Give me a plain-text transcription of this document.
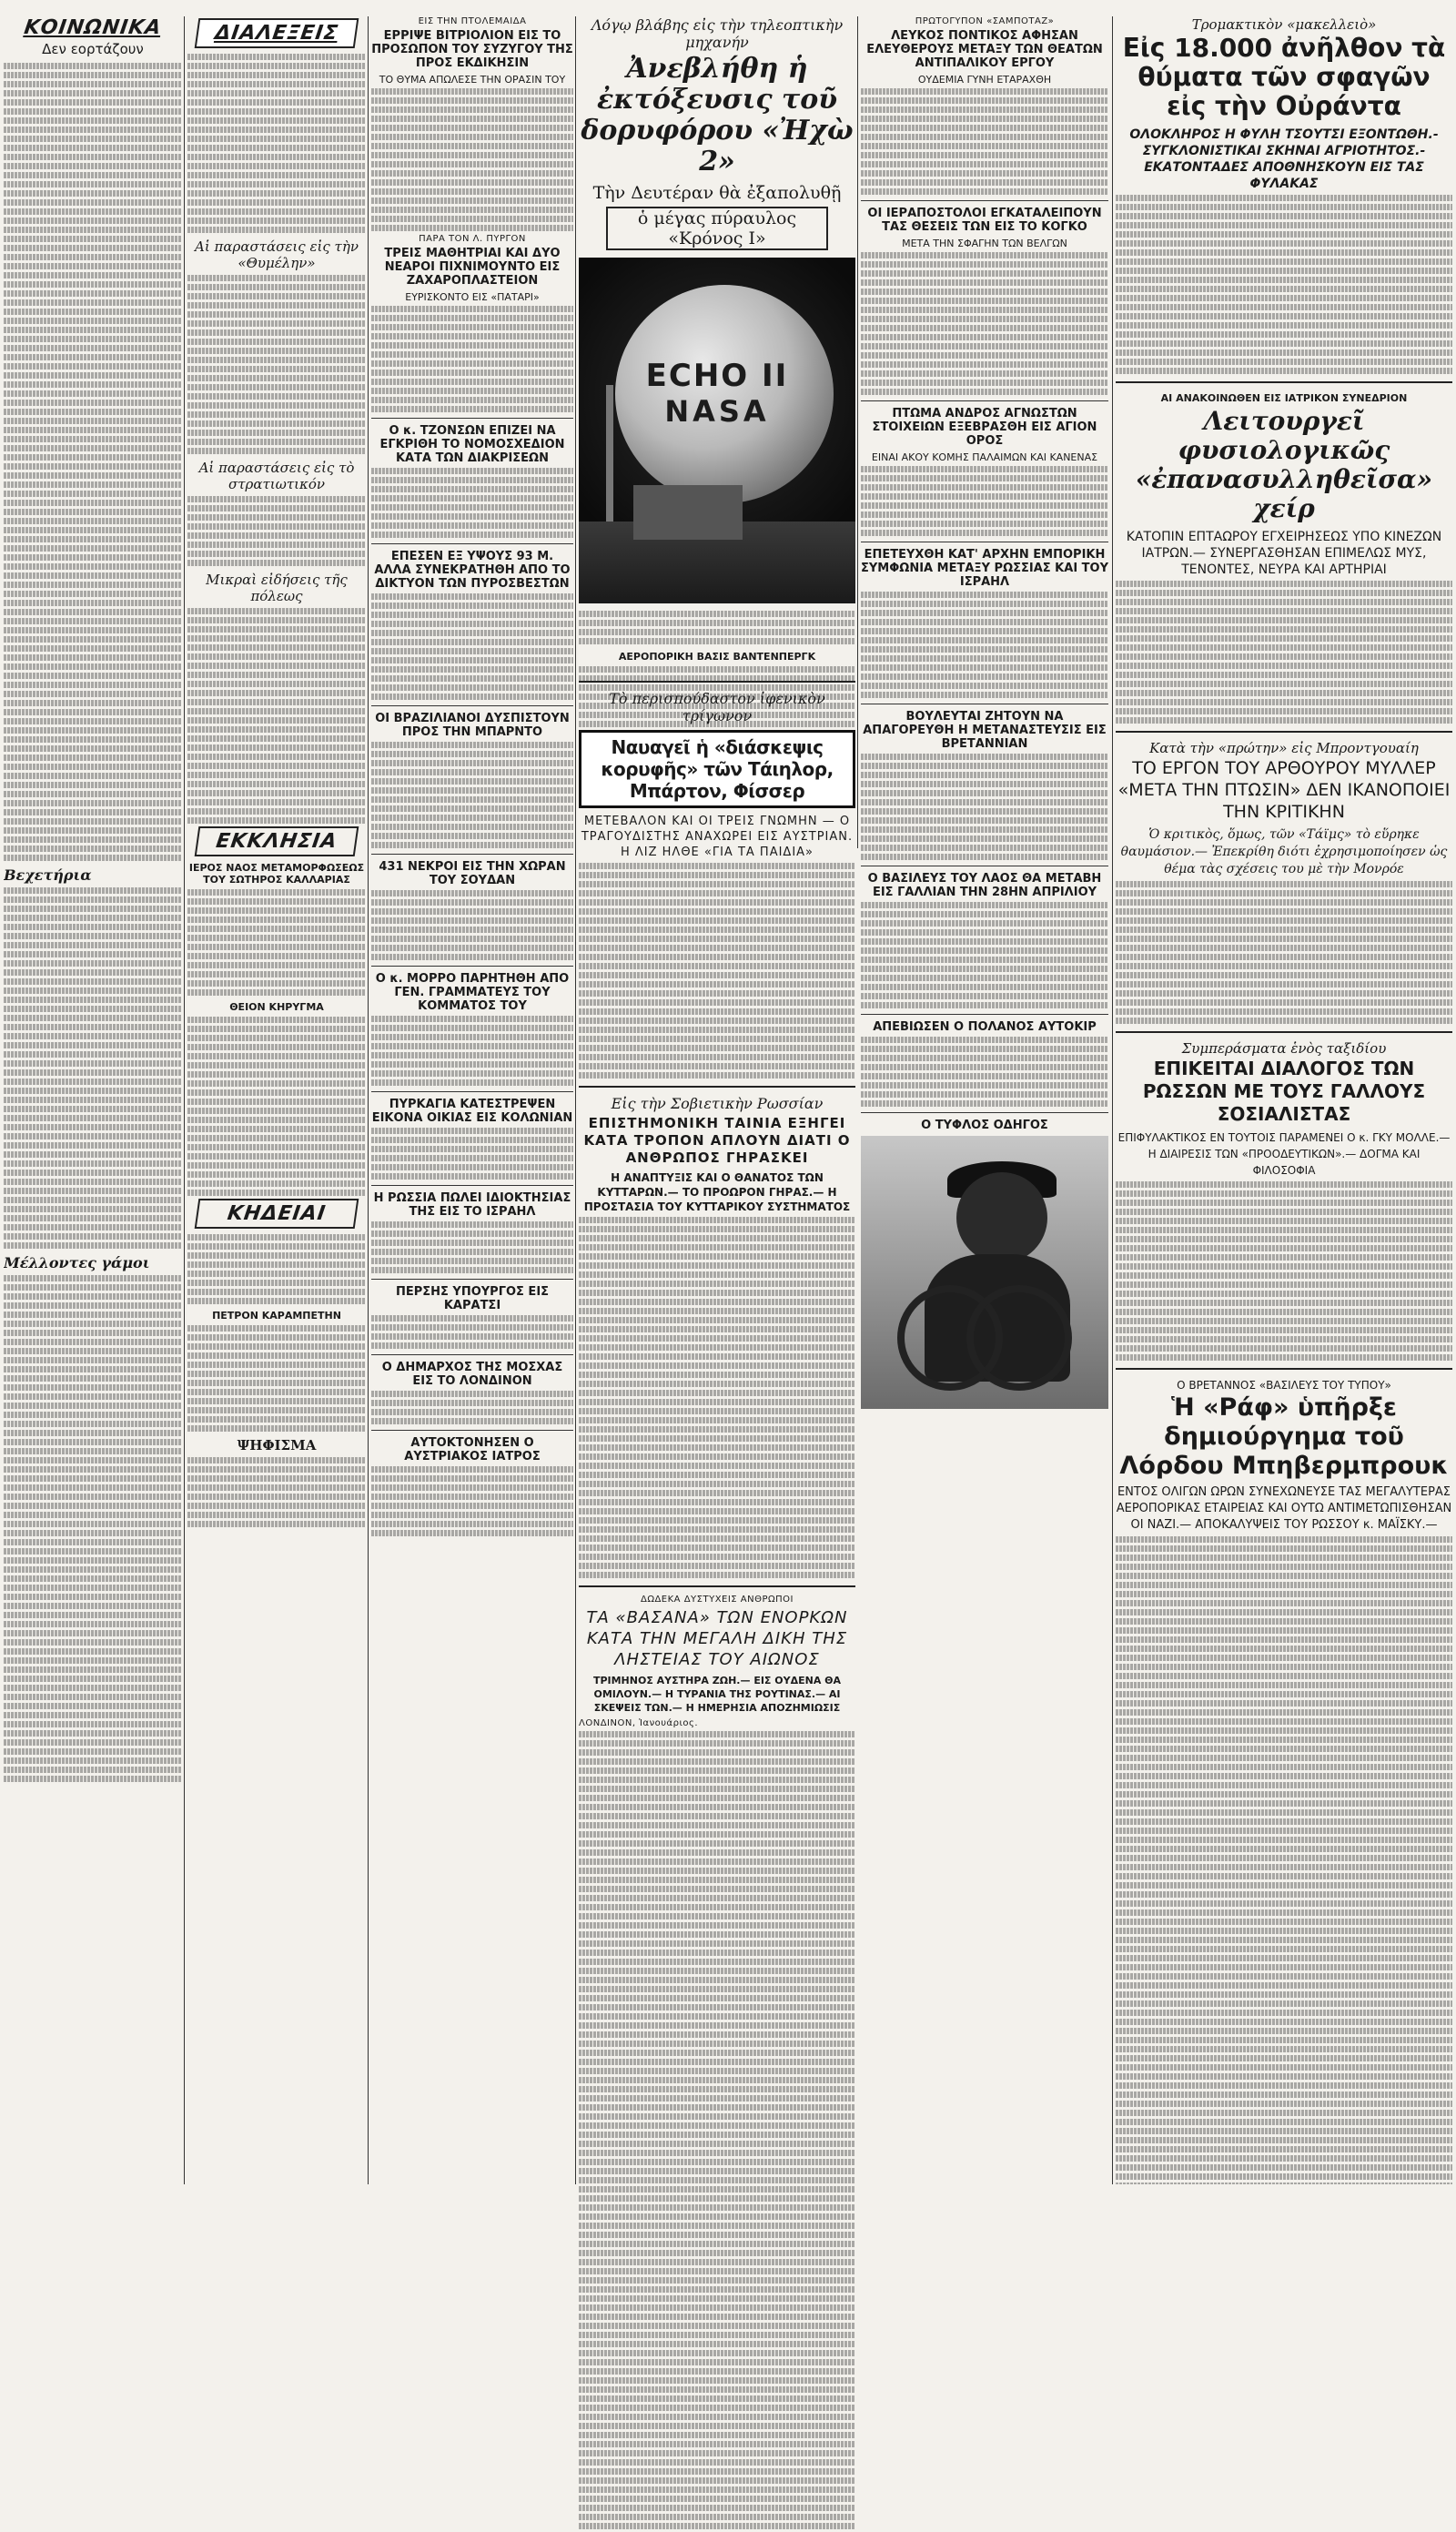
ΚΟΙΝΩΝΙΚΑ
Δεν εορτάζουν
Βεχετήρια
Μέλλοντες γάμοι
ΔΙΑΛΕΞΕΙΣ
Αἱ παραστάσεις εἰς τὴν «Θυμέλην»
Αἱ παραστάσεις εἰς τὸ στρατιωτικόν
Μικραὶ εἰδήσεις τῆς πόλεως
ΕΚΚΛΗΣΙΑ
ΙΕΡΟΣ ΝΑΟΣ ΜΕΤΑΜΟΡΦΩΣΕΩΣ ΤΟΥ ΣΩΤΗΡΟΣ ΚΑΛΛΑΡΙΑΣ
ΘΕΙΟΝ ΚΗΡΥΓΜΑ
ΚΗΔΕΙΑΙ
ΠΕΤΡΟΝ ΚΑΡΑΜΠΕΤΗΝ
ΨΗΦΙΣΜΑ
ΕΙΣ ΤΗΝ ΠΤΟΛΕΜΑΪΔΑ
ΕΡΡΙΨΕ ΒΙΤΡΙΟΛΙΟΝ ΕΙΣ ΤΟ ΠΡΟΣΩΠΟΝ ΤΟΥ ΣΥΖΥΓΟΥ ΤΗΣ ΠΡΟΣ ΕΚΔΙΚΗΣΙΝ
ΤΟ ΘΥΜΑ ΑΠΩΛΕΣΕ ΤΗΝ ΟΡΑΣΙΝ ΤΟΥ
ΠΑΡΑ ΤΟΝ Λ. ΠΥΡΓΟΝ
ΤΡΕΙΣ ΜΑΘΗΤΡΙΑΙ ΚΑΙ ΔΥΟ ΝΕΑΡΟΙ ΠΙΧΝΙΜΟΥΝΤΟ ΕΙΣ ΖΑΧΑΡΟΠΛΑΣΤΕΙΟΝ
ΕΥΡΙΣΚΟΝΤΟ ΕΙΣ «ΠΑΤΑΡΙ»
Ο κ. ΤΖΟΝΣΩΝ ΕΠΙΖΕΙ ΝΑ ΕΓΚΡΙΘΗ ΤΟ ΝΟΜΟΣΧΕΔΙΟΝ ΚΑΤΑ ΤΩΝ ΔΙΑΚΡΙΣΕΩΝ
ΕΠΕΣΕΝ ΕΞ ΥΨΟΥΣ 93 Μ. ΑΛΛΑ ΣΥΝΕΚΡΑΤΗΘΗ ΑΠΟ ΤΟ ΔΙΚΤΥΟΝ ΤΩΝ ΠΥΡΟΣΒΕΣΤΩΝ
ΟΙ ΒΡΑΖΙΛΙΑΝΟΙ ΔΥΣΠΙΣΤΟΥΝ ΠΡΟΣ ΤΗΝ ΜΠΑΡΝΤΟ
431 ΝΕΚΡΟΙ ΕΙΣ ΤΗΝ ΧΩΡΑΝ ΤΟΥ ΣΟΥΔΑΝ
Ο κ. ΜΟΡΡΟ ΠΑΡΗΤΗΘΗ ΑΠΟ ΓΕΝ. ΓΡΑΜΜΑΤΕΥΣ ΤΟΥ ΚΟΜΜΑΤΟΣ ΤΟΥ
ΠΥΡΚΑΓΙΑ ΚΑΤΕΣΤΡΕΨΕΝ ΕΙΚΟΝΑ ΟΙΚΙΑΣ ΕΙΣ ΚΟΛΩΝΙΑΝ
Η ΡΩΣΣΙΑ ΠΩΛΕΙ ΙΔΙΟΚΤΗΣΙΑΣ ΤΗΣ ΕΙΣ ΤΟ ΙΣΡΑΗΛ
ΠΕΡΣΗΣ ΥΠΟΥΡΓΟΣ ΕΙΣ ΚΑΡΑΤΣΙ
Ο ΔΗΜΑΡΧΟΣ ΤΗΣ ΜΟΣΧΑΣ ΕΙΣ ΤΟ ΛΟΝΔΙΝΟΝ
ΑΥΤΟΚΤΟΝΗΣΕΝ Ο ΑΥΣΤΡΙΑΚΟΣ ΙΑΤΡΟΣ
Λόγῳ βλάβης εἰς τὴν τηλεοπτικὴν μηχανήν
Ἀνεβλήθη ἡ ἐκτόξευσις τοῦ δορυφόρου «Ἠχὼ 2»
Τὴν Δευτέραν θὰ ἐξαπολυθῇ
ὁ μέγας πύραυλος «Κρόνος Ι»
ECHO II
NASA
ΑΕΡΟΠΟΡΙΚΗ ΒΑΣΙΣ ΒΑΝΤΕΝΠΕΡΓΚ
ΠΡΩΤΟΓΥΠΟΝ «ΣΑΜΠΟΤΑΖ»
ΛΕΥΚΟΣ ΠΟΝΤΙΚΟΣ ΑΦΗΣΑΝ ΕΛΕΥΘΕΡΟΥΣ ΜΕΤΑΞΥ ΤΩΝ ΘΕΑΤΩΝ ΑΝΤΙΠΑΛΙΚΟΥ ΕΡΓΟΥ
ΟΥΔΕΜΙΑ ΓΥΝΗ ΕΤΑΡΑΧΘΗ
ΟΙ ΙΕΡΑΠΟΣΤΟΛΟΙ ΕΓΚΑΤΑΛΕΙΠΟΥΝ ΤΑΣ ΘΕΣΕΙΣ ΤΩΝ ΕΙΣ ΤΟ ΚΟΓΚΟ
ΜΕΤΑ ΤΗΝ ΣΦΑΓΗΝ ΤΩΝ ΒΕΛΓΩΝ
ΠΤΩΜΑ ΑΝΔΡΟΣ ΑΓΝΩΣΤΩΝ ΣΤΟΙΧΕΙΩΝ ΕΞΕΒΡΑΣΘΗ ΕΙΣ ΑΓΙΟΝ ΟΡΟΣ
ΕΙΝΑΙ ΑΚΟΥ ΚΟΜΗΣ ΠΑΛΑΙΜΩΝ ΚΑΙ ΚΑΝΕΝΑΣ
ΕΠΕΤΕΥΧΘΗ ΚΑΤ' ΑΡΧΗΝ ΕΜΠΟΡΙΚΗ ΣΥΜΦΩΝΙΑ ΜΕΤΑΞΥ ΡΩΣΣΙΑΣ ΚΑΙ ΤΟΥ ΙΣΡΑΗΛ
ΒΟΥΛΕΥΤΑΙ ΖΗΤΟΥΝ ΝΑ ΑΠΑΓΟΡΕΥΘΗ Η ΜΕΤΑΝΑΣΤΕΥΣΙΣ ΕΙΣ ΒΡΕΤΑΝΝΙΑΝ
Ο ΒΑΣΙΛΕΥΣ ΤΟΥ ΛΑΟΣ ΘΑ ΜΕΤΑΒΗ ΕΙΣ ΓΑΛΛΙΑΝ ΤΗΝ 28ΗΝ ΑΠΡΙΛΙΟΥ
ΑΠΕΒΙΩΣΕΝ Ο ΠΟΛΑΝΟΣ ΑΥΤΟΚΙΡ
Ο ΤΥΦΛΟΣ ΟΔΗΓΟΣ
Τὸ περισπούδαστον ἰφενικὸν τρίγωνον
Ναυαγεῖ ἡ «διάσκεψις κορυφῆς» τῶν Τάιηλορ, Μπάρτον, Φίσσερ
ΜΕΤΕΒΑΛΟΝ ΚΑΙ ΟΙ ΤΡΕΙΣ ΓΝΩΜΗΝ — Ο ΤΡΑΓΟΥΔΙΣΤΗΣ ΑΝΑΧΩΡΕΙ ΕΙΣ ΑΥΣΤΡΙΑΝ. Η ΛΙΖ ΗΛΘΕ «ΓΙΑ ΤΑ ΠΑΙΔΙΑ»
Εἰς τὴν Σοβιετικὴν Ρωσσίαν
ΕΠΙΣΤΗΜΟΝΙΚΗ ΤΑΙΝΙΑ ΕΞΗΓΕΙ ΚΑΤΑ ΤΡΟΠΟΝ ΑΠΛΟΥΝ ΔΙΑΤΙ Ο ΑΝΘΡΩΠΟΣ ΓΗΡΑΣΚΕΙ
Η ΑΝΑΠΤΥΞΙΣ ΚΑΙ Ο ΘΑΝΑΤΟΣ ΤΩΝ ΚΥΤΤΑΡΩΝ.— ΤΟ ΠΡΟΩΡΟΝ ΓΗΡΑΣ.— Η ΠΡΟΣΤΑΣΙΑ ΤΟΥ ΚΥΤΤΑΡΙΚΟΥ ΣΥΣΤΗΜΑΤΟΣ
ΔΩΔΕΚΑ ΔΥΣΤΥΧΕΙΣ ΑΝΘΡΩΠΟΙ
ΤΑ «ΒΑΣΑΝΑ» ΤΩΝ ΕΝΟΡΚΩΝ ΚΑΤΑ ΤΗΝ ΜΕΓΑΛΗ ΔΙΚΗ ΤΗΣ ΛΗΣΤΕΙΑΣ ΤΟΥ ΑΙΩΝΟΣ
ΤΡΙΜΗΝΟΣ ΑΥΣΤΗΡΑ ΖΩΗ.— ΕΙΣ ΟΥΔΕΝΑ ΘΑ ΟΜΙΛΟΥΝ.— Η ΤΥΡΑΝΙΑ ΤΗΣ ΡΟΥΤΙΝΑΣ.— ΑΙ ΣΚΕΨΕΙΣ ΤΩΝ.— Η ΗΜΕΡΗΣΙΑ ΑΠΟΖΗΜΙΩΣΙΣ
ΛΟΝΔΙΝΟΝ, Ἰανουάριος.
Τρομακτικὸν «μακελλειὸ»
Εἰς 18.000 ἀνῆλθον τὰ θύματα τῶν σφαγῶν εἰς τὴν Οὐράντα
ΟΛΟΚΛΗΡΟΣ Η ΦΥΛΗ ΤΣΟΥΤΣΙ ΕΞΟΝΤΩΘΗ.- ΣΥΓΚΛΟΝΙΣΤΙΚΑΙ ΣΚΗΝΑΙ ΑΓΡΙΟΤΗΤΟΣ.- ΕΚΑΤΟΝΤΑΔΕΣ ΑΠΟΘΝΗΣΚΟΥΝ ΕΙΣ ΤΑΣ ΦΥΛΑΚΑΣ
ΑΙ ΑΝΑΚΟΙΝΩΘΕΝ ΕΙΣ ΙΑΤΡΙΚΟΝ ΣΥΝΕΔΡΙΟΝ
Λειτουργεῖ φυσιολογικῶς «ἐπανασυλληθεῖσα» χείρ
ΚΑΤΟΠΙΝ ΕΠΤΑΩΡΟΥ ΕΓΧΕΙΡΗΣΕΩΣ ΥΠΟ ΚΙΝΕΖΩΝ ΙΑΤΡΩΝ.— ΣΥΝΕΡΓΑΣΘΗΣΑΝ ΕΠΙΜΕΛΩΣ ΜΥΣ, ΤΕΝΟΝΤΕΣ, ΝΕΥΡΑ ΚΑΙ ΑΡΤΗΡΙΑΙ
Κατὰ τὴν «πρώτην» εἰς Μπροντγουαίη
ΤΟ ΕΡΓΟΝ ΤΟΥ ΑΡΘΟΥΡΟΥ ΜΥΛΛΕΡ «ΜΕΤΑ ΤΗΝ ΠΤΩΣΙΝ» ΔΕΝ ΙΚΑΝΟΠΟΙΕΙ ΤΗΝ ΚΡΙΤΙΚΗΝ
Ὁ κριτικὸς, ὅμως, τῶν «Τάϊμς» τὸ εὕρηκε θαυμάσιον.— Ἐπεκρίθη διότι ἐχρησιμοποίησεν ὡς θέμα τὰς σχέσεις του μὲ τὴν Μονρόε
Συμπεράσματα ἑνὸς ταξιδίου
ΕΠΙΚΕΙΤΑΙ ΔΙΑΛΟΓΟΣ ΤΩΝ ΡΩΣΣΩΝ ΜΕ ΤΟΥΣ ΓΑΛΛΟΥΣ ΣΟΣΙΑΛΙΣΤΑΣ
ΕΠΙΦΥΛΑΚΤΙΚΟΣ ΕΝ ΤΟΥΤΟΙΣ ΠΑΡΑΜΕΝΕΙ Ο κ. ΓΚΥ ΜΟΛΛΕ.— Η ΔΙΑΙΡΕΣΙΣ ΤΩΝ «ΠΡΟΟΔΕΥΤΙΚΩΝ».— ΔΟΓΜΑ ΚΑΙ ΦΙΛΟΣΟΦΙΑ
Ο ΒΡΕΤΑΝΝΟΣ «ΒΑΣΙΛΕΥΣ ΤΟΥ ΤΥΠΟΥ»
Ἡ «Ράφ» ὑπῆρξε δημιούργημα τοῦ Λόρδου Μπηβερμπρουκ
ΕΝΤΟΣ ΟΛΙΓΩΝ ΩΡΩΝ ΣΥΝΕΧΩΝΕΥΣΕ ΤΑΣ ΜΕΓΑΛΥΤΕΡΑΣ ΑΕΡΟΠΟΡΙΚΑΣ ΕΤΑΙΡΕΙΑΣ ΚΑΙ ΟΥΤΩ ΑΝΤΙΜΕΤΩΠΙΣΘΗΣΑΝ ΟΙ ΝΑΖΙ.— ΑΠΟΚΑΛΥΨΕΙΣ ΤΟΥ ΡΩΣΣΟΥ κ. ΜΑΪΣΚΥ.—
